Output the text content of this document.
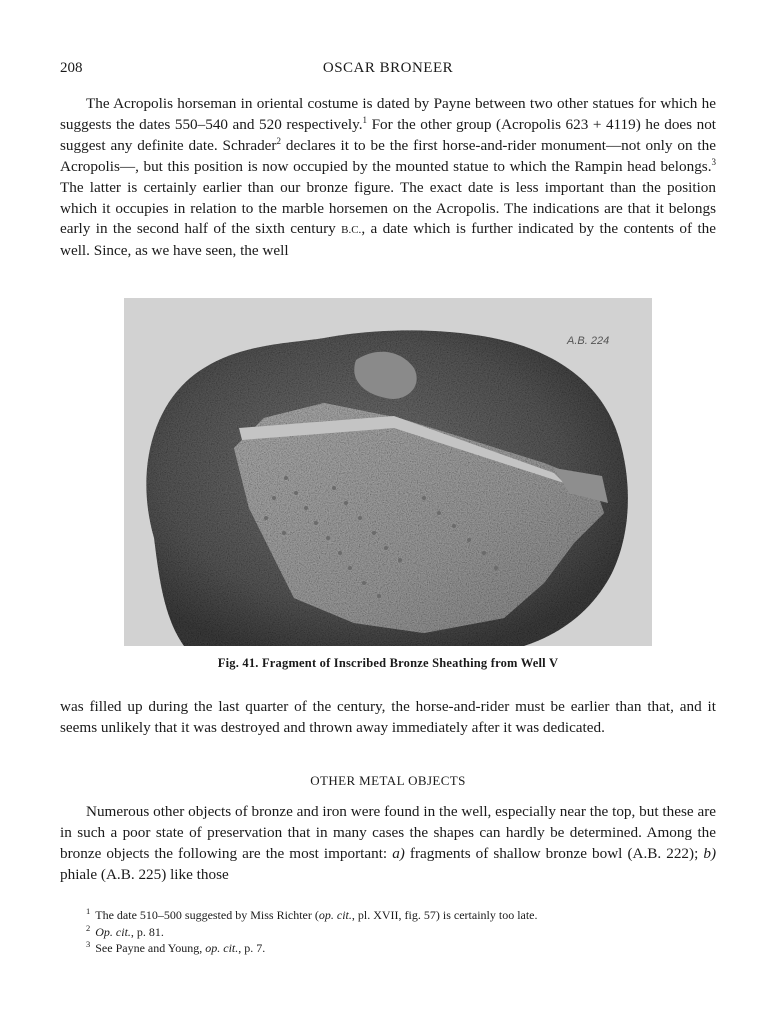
208	OSCAR BRONEER

The Acropolis horseman in oriental costume is dated by Payne between two other statues for which he suggests the dates 550–540 and 520 respectively.$^1$ For the other group (Acropolis 623 + 4119) he does not suggest any definite date. Schrader$^2$ declares it to be the first horse-and-rider monument—not only on the Acropolis—, but this position is now occupied by the mounted statue to which the Rampin head belongs.$^3$ The latter is certainly earlier than our bronze figure. The exact date is less important than the position which it occupies in relation to the marble horsemen on the Acropolis. The indications are that it belongs early in the second half of the sixth century B.C., a date which is further indicated by the contents of the well. Since, as we have seen, the well

A.B. 224
Fig. 41. Fragment of Inscribed Bronze Sheathing from Well V

was filled up during the last quarter of the century, the horse-and-rider must be earlier than that, and it seems unlikely that it was destroyed and thrown away immediately after it was dedicated.

OTHER METAL OBJECTS

Numerous other objects of bronze and iron were found in the well, especially near the top, but these are in such a poor state of preservation that in many cases the shapes can hardly be determined. Among the bronze objects the following are the most important: a) fragments of shallow bronze bowl (A.B. 222); b) phiale (A.B. 225) like those

$^1$ The date 510–500 suggested by Miss Richter (op. cit., pl. XVII, fig. 57) is certainly too late.

$^2$ Op. cit., p. 81.

$^3$ See Payne and Young, op. cit., p. 7.
